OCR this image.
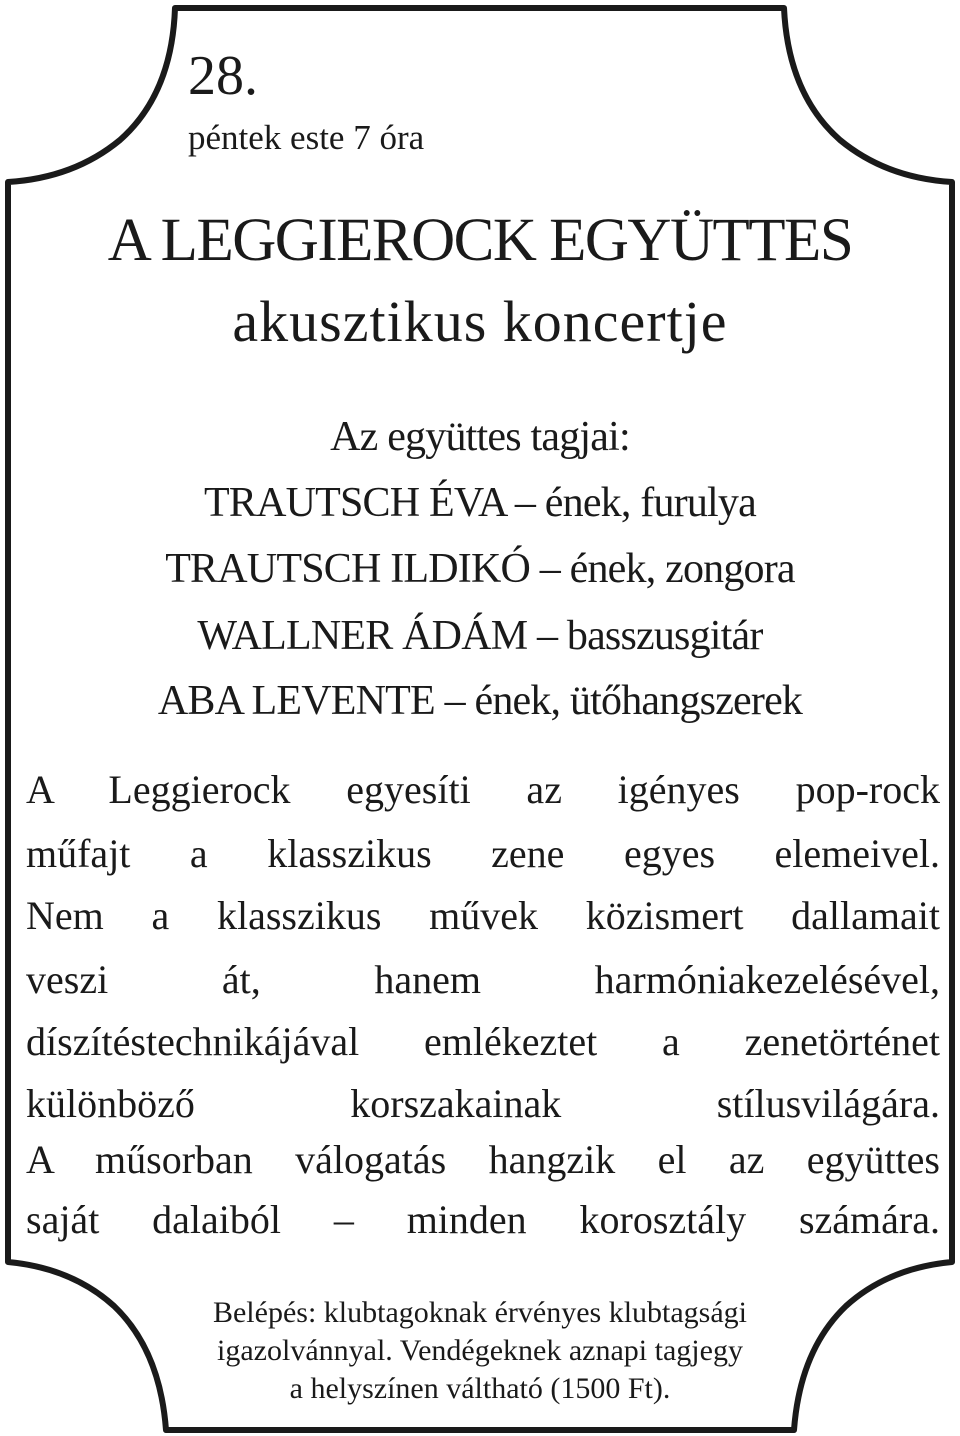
28.
péntek este 7 óra
A LEGGIEROCK EGYÜTTES
akusztikus koncertje
Az együttes tagjai:
TRAUTSCH ÉVA – ének, furulya
TRAUTSCH ILDIKÓ – ének, zongora
WALLNER ÁDÁM – basszusgitár
ABA LEVENTE – ének, ütőhangszerek
A Leggierock egyesíti az igényes pop-rock
műfajt a klasszikus zene egyes elemeivel.
Nem a klasszikus művek közismert dallamait
veszi át, hanem harmóniakezelésével,
díszítéstechnikájával emlékeztet a zenetörténet
különböző korszakainak stílusvilágára.
A műsorban válogatás hangzik el az együttes
saját dalaiból – minden korosztály számára.
Belépés: klubtagoknak érvényes klubtagsági
igazolvánnyal. Vendégeknek aznapi tagjegy
a helyszínen váltható (1500 Ft).
